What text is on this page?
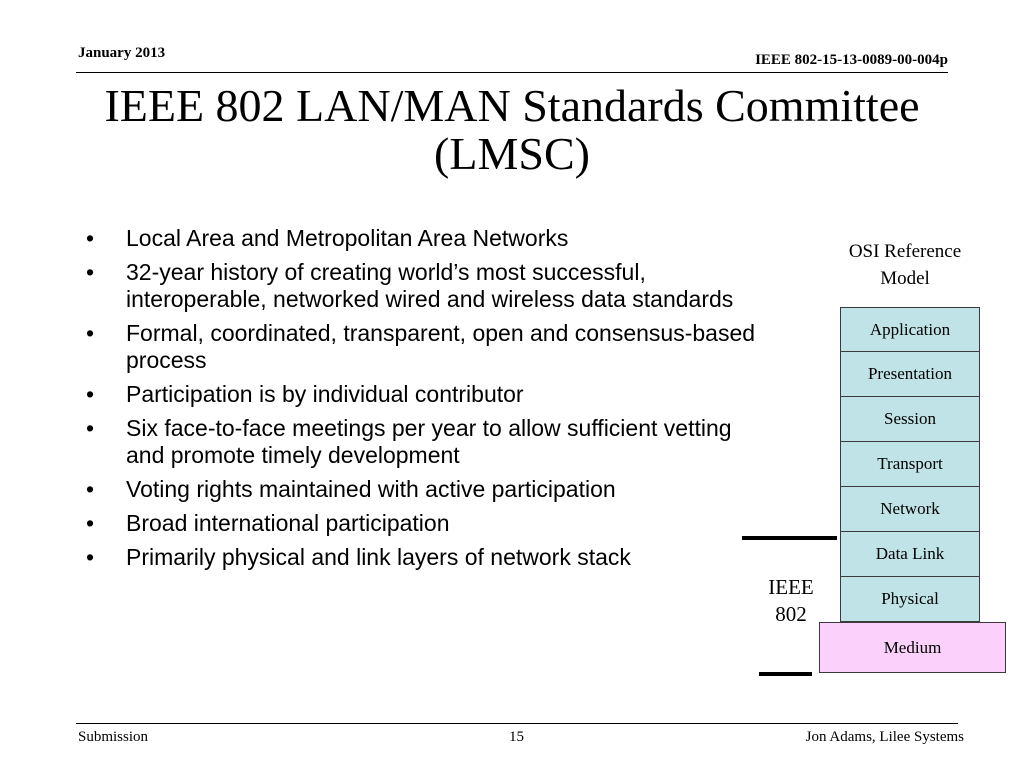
January 2013	IEEE 802-15-13-0089-00-004p

IEEE 802 LAN/MAN Standards Committee (LMSC)
• Local Area and Metropolitan Area Networks
• 32-year history of creating world’s most successful, interoperable, networked wired and wireless data standards
• Formal, coordinated, transparent, open and consensus-based process
• Participation is by individual contributor
• Six face-to-face meetings per year to allow sufficient vetting and promote timely development
• Voting rights maintained with active participation
• Broad international participation
• Primarily physical and link layers of network stack

OSI Reference Model

Application
Presentation
Session
Transport
Network
Data Link
Physical
Medium

IEEE 802

Submission	15	Jon Adams, Lilee Systems
